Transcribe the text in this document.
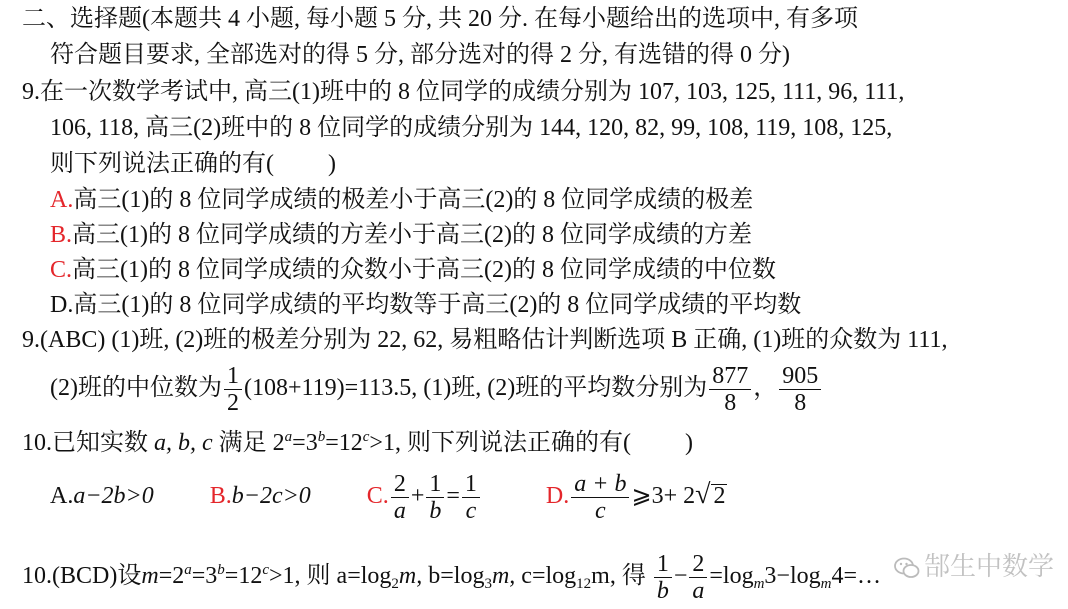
二、选择题(本题共 4 小题, 每小题 5 分, 共 20 分. 在每小题给出的选项中, 有多项
符合题目要求, 全部选对的得 5 分, 部分选对的得 2 分, 有选错的得 0 分)
9.在一次数学考试中, 高三(1)班中的 8 位同学的成绩分别为 107, 103, 125, 111, 96, 111,
106, 118, 高三(2)班中的 8 位同学的成绩分别为 144, 120, 82, 99, 108, 119, 108, 125,
则下列说法正确的有(　　 )
A.高三(1)的 8 位同学成绩的极差小于高三(2)的 8 位同学成绩的极差
B.高三(1)的 8 位同学成绩的方差小于高三(2)的 8 位同学成绩的方差
C.高三(1)的 8 位同学成绩的众数小于高三(2)的 8 位同学成绩的中位数
D.高三(1)的 8 位同学成绩的平均数等于高三(2)的 8 位同学成绩的平均数
9.(ABC) (1)班, (2)班的极差分别为 22, 62, 易粗略估计判断选项 B 正确, (1)班的众数为 111,
(2)班的中位数为 $\frac{1}{2} (108+119)=113.5$, (1)班, (2)班的平均数分别为 $\frac{877}{8}$ ， $\frac{905}{8}$
10.已知实数 a, b, c 满足 $2^a=3^b=12^c>1$, 则下列说法正确的有(　　 )
A.a−2b>0 B.b−2c>0 C. $\frac{2}{a} + \frac{1}{b} = \frac{1}{c}$	D. $\frac{a + b}{c}$ ⩾3+ 2√ 2
10.(BCD)设$m=2^a=3^b=12^c>1$, 则 $a=\log_2m$, $b=\log_3m$, $c=\log_{12}m$, 得 $\frac{1}{b} - \frac{2}{a}$ $=\log_m3-\log_m4=\dots$	郜生中数学
